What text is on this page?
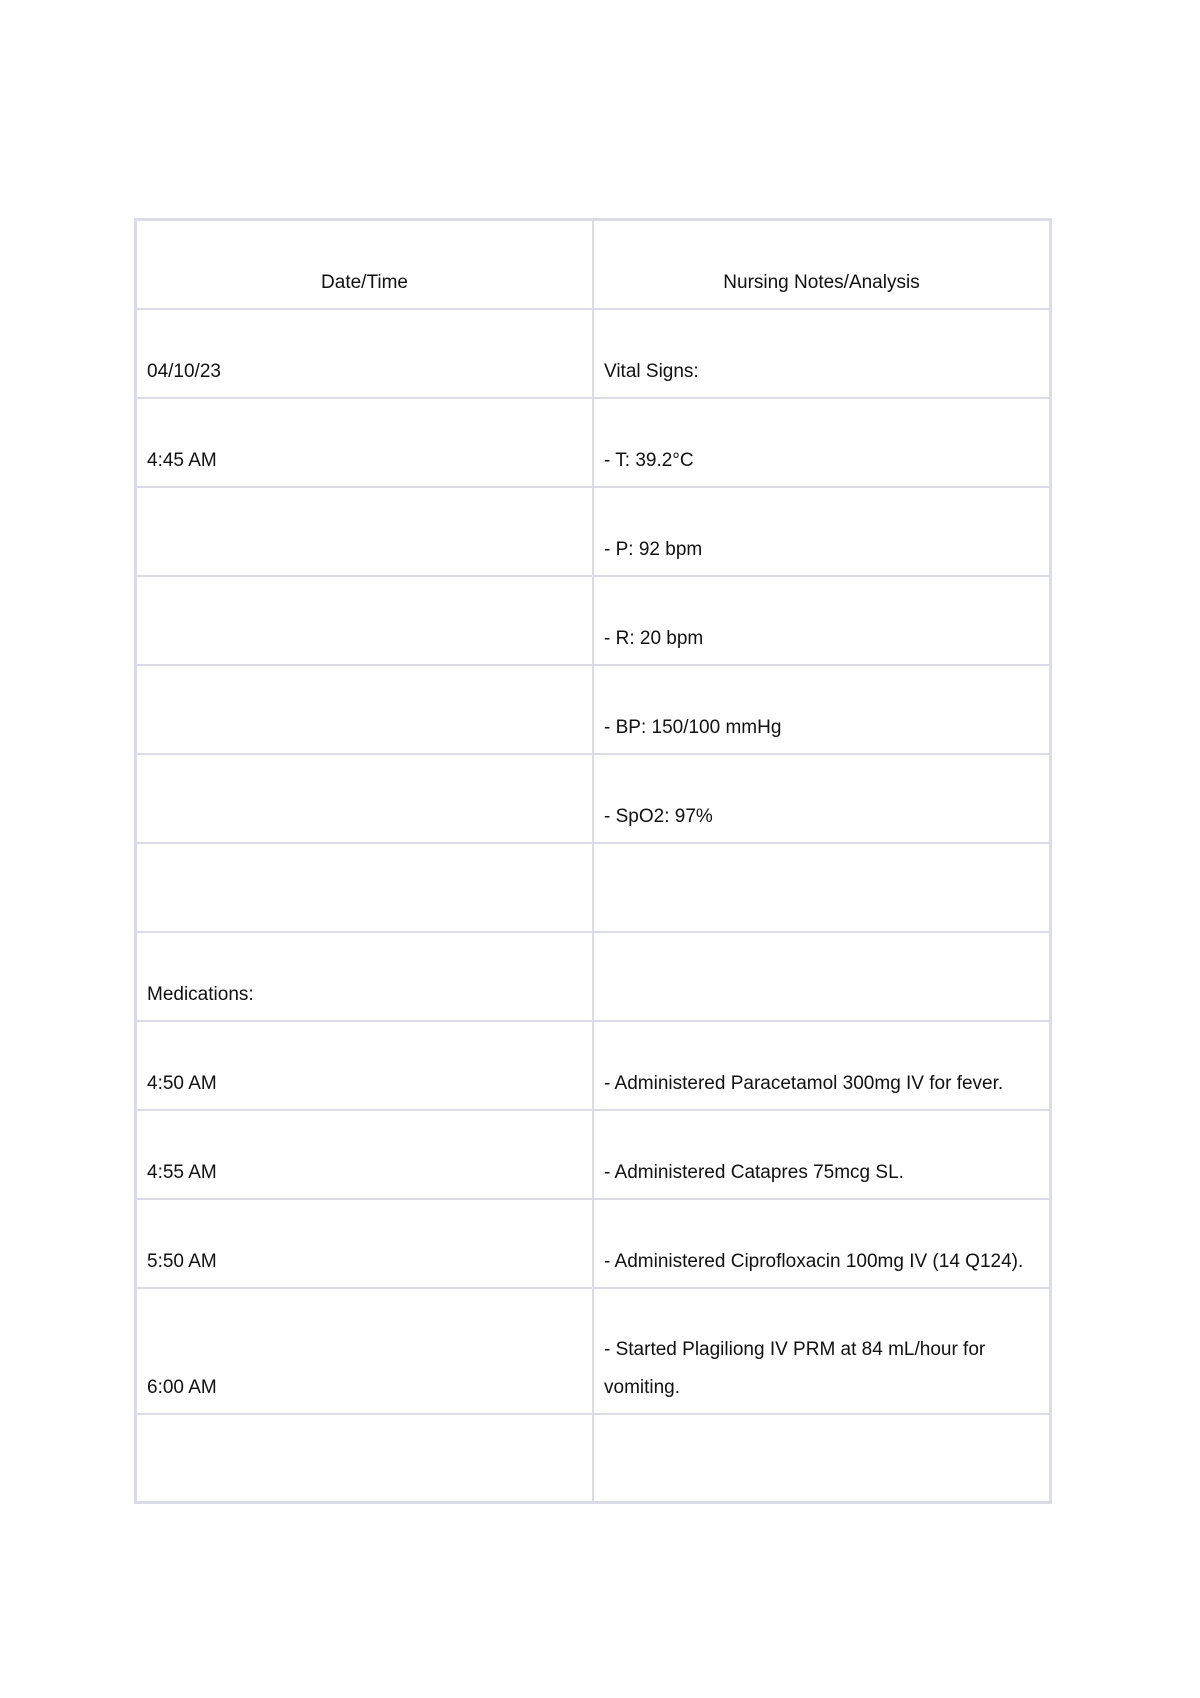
Date/Time	Nursing Notes/Analysis
04/10/23	Vital Signs:
4:45 AM	- T: 39.2°C
	- P: 92 bpm
	- R: 20 bpm
	- BP: 150/100 mmHg
	- SpO2: 97%

Medications:	
4:50 AM	- Administered Paracetamol 300mg IV for fever.
4:55 AM	- Administered Catapres 75mcg SL.
5:50 AM	- Administered Ciprofloxacin 100mg IV (14 Q124).
6:00 AM	- Started Plagiliong IV PRM at 84 mL/hour for vomiting.
